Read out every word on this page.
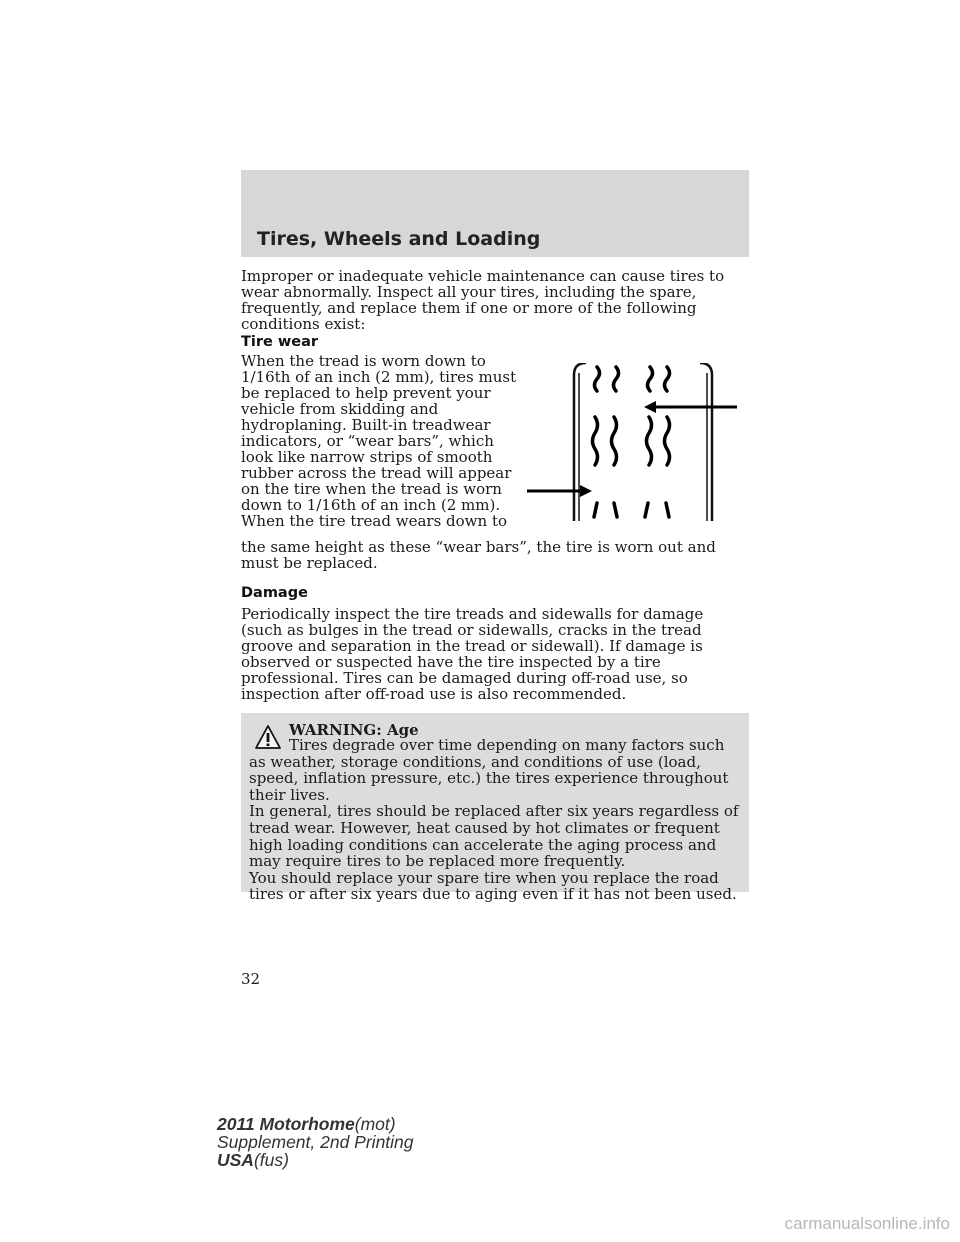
Tires, Wheels and Loading

Improper or inadequate vehicle maintenance can cause tires to wear abnormally. Inspect all your tires, including the spare, frequently, and replace them if one or more of the following conditions exist:

Tire wear
When the tread is worn down to
1/16th of an inch (2 mm), tires must
be replaced to help prevent your
vehicle from skidding and
hydroplaning. Built-in treadwear
indicators, or “wear bars”, which
look like narrow strips of smooth
rubber across the tread will appear
on the tire when the tread is worn
down to 1/16th of an inch (2 mm).
When the tire tread wears down to

the same height as these “wear bars”, the tire is worn out and must be replaced.

Damage

Periodically inspect the tire treads and sidewalls for damage (such as bulges in the tread or sidewalls, cracks in the tread groove and separation in the tread or sidewall). If damage is observed or suspected have the tire inspected by a tire professional. Tires can be damaged during off-road use, so inspection after off-road use is also recommended.

WARNING: Age

Tires degrade over time depending on many factors such as weather, storage conditions, and conditions of use (load, speed, inflation pressure, etc.) the tires experience throughout their lives.

In general, tires should be replaced after six years regardless of tread wear. However, heat caused by hot climates or frequent high loading conditions can accelerate the aging process and may require tires to be replaced more frequently.

You should replace your spare tire when you replace the road tires or after six years due to aging even if it has not been used.

32
2011 Motorhome(mot)
Supplement, 2nd Printing
USA(fus)
carmanualsonline.info
